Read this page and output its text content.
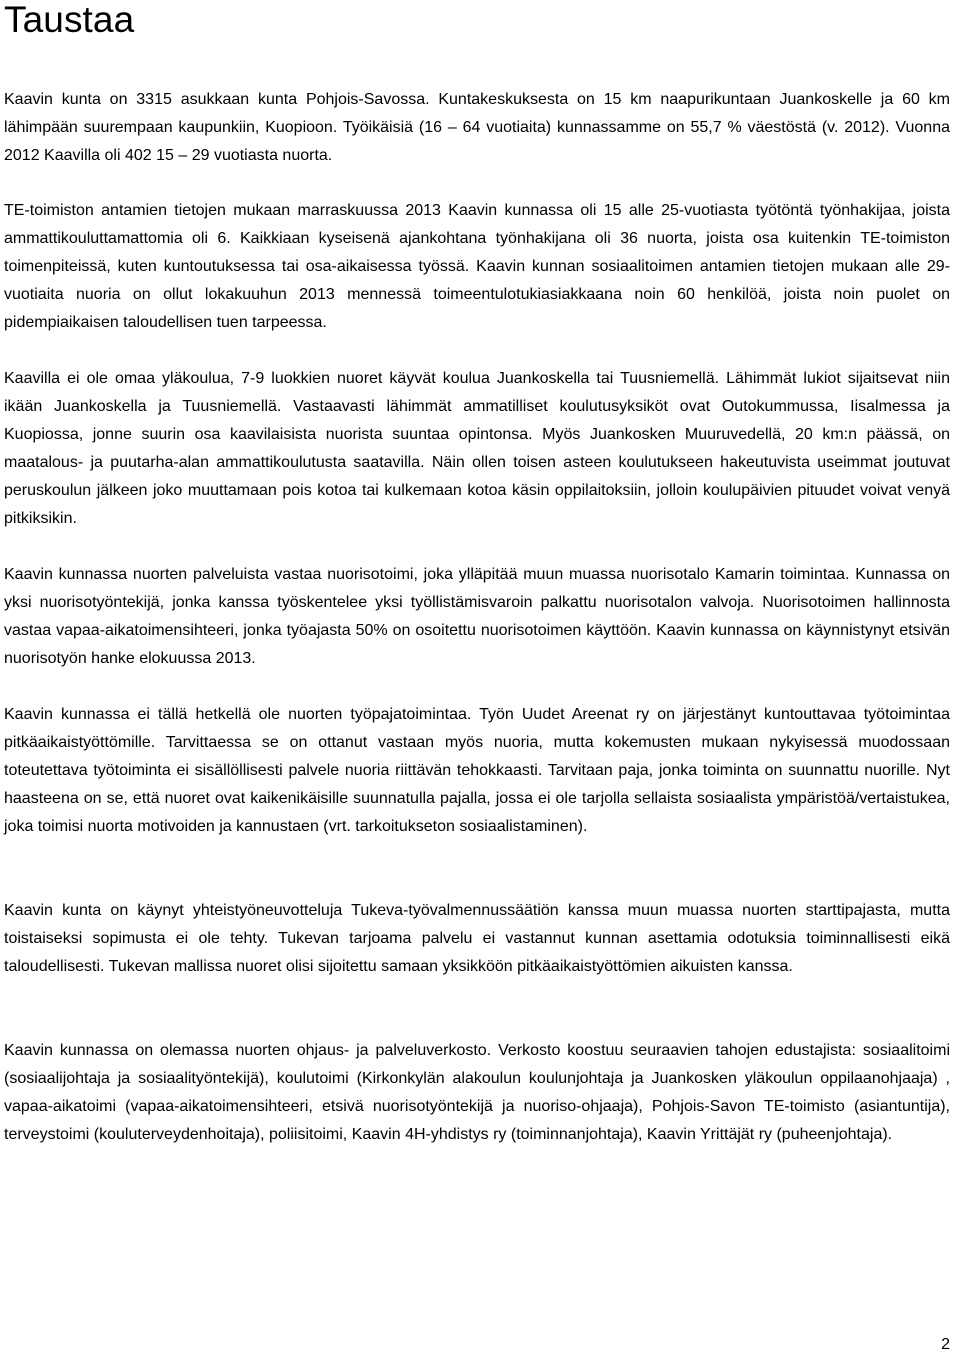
Taustaa

Kaavin kunta on 3315 asukkaan kunta Pohjois-Savossa. Kuntakeskuksesta on 15 km naapurikuntaan Juankoskelle ja 60 km lähimpään suurempaan kaupunkiin, Kuopioon. Työikäisiä (16 – 64 vuotiaita) kunnassamme on 55,7 % väestöstä (v. 2012). Vuonna 2012 Kaavilla oli 402 15 – 29 vuotiasta nuorta.

TE-toimiston antamien tietojen mukaan marraskuussa 2013 Kaavin kunnassa oli 15 alle 25-vuotiasta työtöntä työnhakijaa, joista ammattikouluttamattomia oli 6. Kaikkiaan kyseisenä ajankohtana työnhakijana oli 36 nuorta, joista osa kuitenkin TE-toimiston toimenpiteissä, kuten kuntoutuksessa tai osa-aikaisessa työssä. Kaavin kunnan sosiaalitoimen antamien tietojen mukaan alle 29-vuotiaita nuoria on ollut lokakuuhun 2013 mennessä toimeentulotukiasiakkaana noin 60 henkilöä, joista noin puolet on pidempiaikaisen taloudellisen tuen tarpeessa.

Kaavilla ei ole omaa yläkoulua, 7-9 luokkien nuoret käyvät koulua Juankoskella tai Tuusniemellä. Lähimmät lukiot sijaitsevat niin ikään Juankoskella ja Tuusniemellä. Vastaavasti lähimmät ammatilliset koulutusyksiköt ovat Outokummussa, Iisalmessa ja Kuopiossa, jonne suurin osa kaavilaisista nuorista suuntaa opintonsa. Myös Juankosken Muuruvedellä, 20 km:n päässä, on maatalous- ja puutarha-alan ammattikoulutusta saatavilla. Näin ollen toisen asteen koulutukseen hakeutuvista useimmat joutuvat peruskoulun jälkeen joko muuttamaan pois kotoa tai kulkemaan kotoa käsin oppilaitoksiin, jolloin koulupäivien pituudet voivat venyä pitkiksikin.

Kaavin kunnassa nuorten palveluista vastaa nuorisotoimi, joka ylläpitää muun muassa nuorisotalo Kamarin toimintaa. Kunnassa on yksi nuorisotyöntekijä, jonka kanssa työskentelee yksi työllistämisvaroin palkattu nuorisotalon valvoja. Nuorisotoimen hallinnosta vastaa vapaa-aikatoimensihteeri, jonka työajasta 50% on osoitettu nuorisotoimen käyttöön. Kaavin kunnassa on käynnistynyt etsivän nuorisotyön hanke elokuussa 2013.

Kaavin kunnassa ei tällä hetkellä ole nuorten työpajatoimintaa. Työn Uudet Areenat ry on järjestänyt kuntouttavaa työtoimintaa pitkäaikaistyöttömille. Tarvittaessa se on ottanut vastaan myös nuoria, mutta kokemusten mukaan nykyisessä muodossaan toteutettava työtoiminta ei sisällöllisesti palvele nuoria riittävän tehokkaasti. Tarvitaan paja, jonka toiminta on suunnattu nuorille. Nyt haasteena on se, että nuoret ovat kaikenikäisille suunnatulla pajalla, jossa ei ole tarjolla sellaista sosiaalista ympäristöä/vertaistukea, joka toimisi nuorta motivoiden ja kannustaen (vrt. tarkoitukseton sosiaalistaminen).

Kaavin kunta on käynyt yhteistyöneuvotteluja Tukeva-työvalmennussäätiön kanssa muun muassa nuorten starttipajasta, mutta toistaiseksi sopimusta ei ole tehty. Tukevan tarjoama palvelu ei vastannut kunnan asettamia odotuksia toiminnallisesti eikä taloudellisesti. Tukevan mallissa nuoret olisi sijoitettu samaan yksikköön pitkäaikaistyöttömien aikuisten kanssa.

Kaavin kunnassa on olemassa nuorten ohjaus- ja palveluverkosto. Verkosto koostuu seuraavien tahojen edustajista: sosiaalitoimi (sosiaalijohtaja ja sosiaalityöntekijä), koulutoimi (Kirkonkylän alakoulun koulunjohtaja ja Juankosken yläkoulun oppilaanohjaaja) , vapaa-aikatoimi (vapaa-aikatoimensihteeri, etsivä nuorisotyöntekijä ja nuoriso-ohjaaja), Pohjois-Savon TE-toimisto (asiantuntija), terveystoimi (kouluterveydenhoitaja), poliisitoimi, Kaavin 4H-yhdistys ry (toiminnanjohtaja), Kaavin Yrittäjät ry (puheenjohtaja).

2
